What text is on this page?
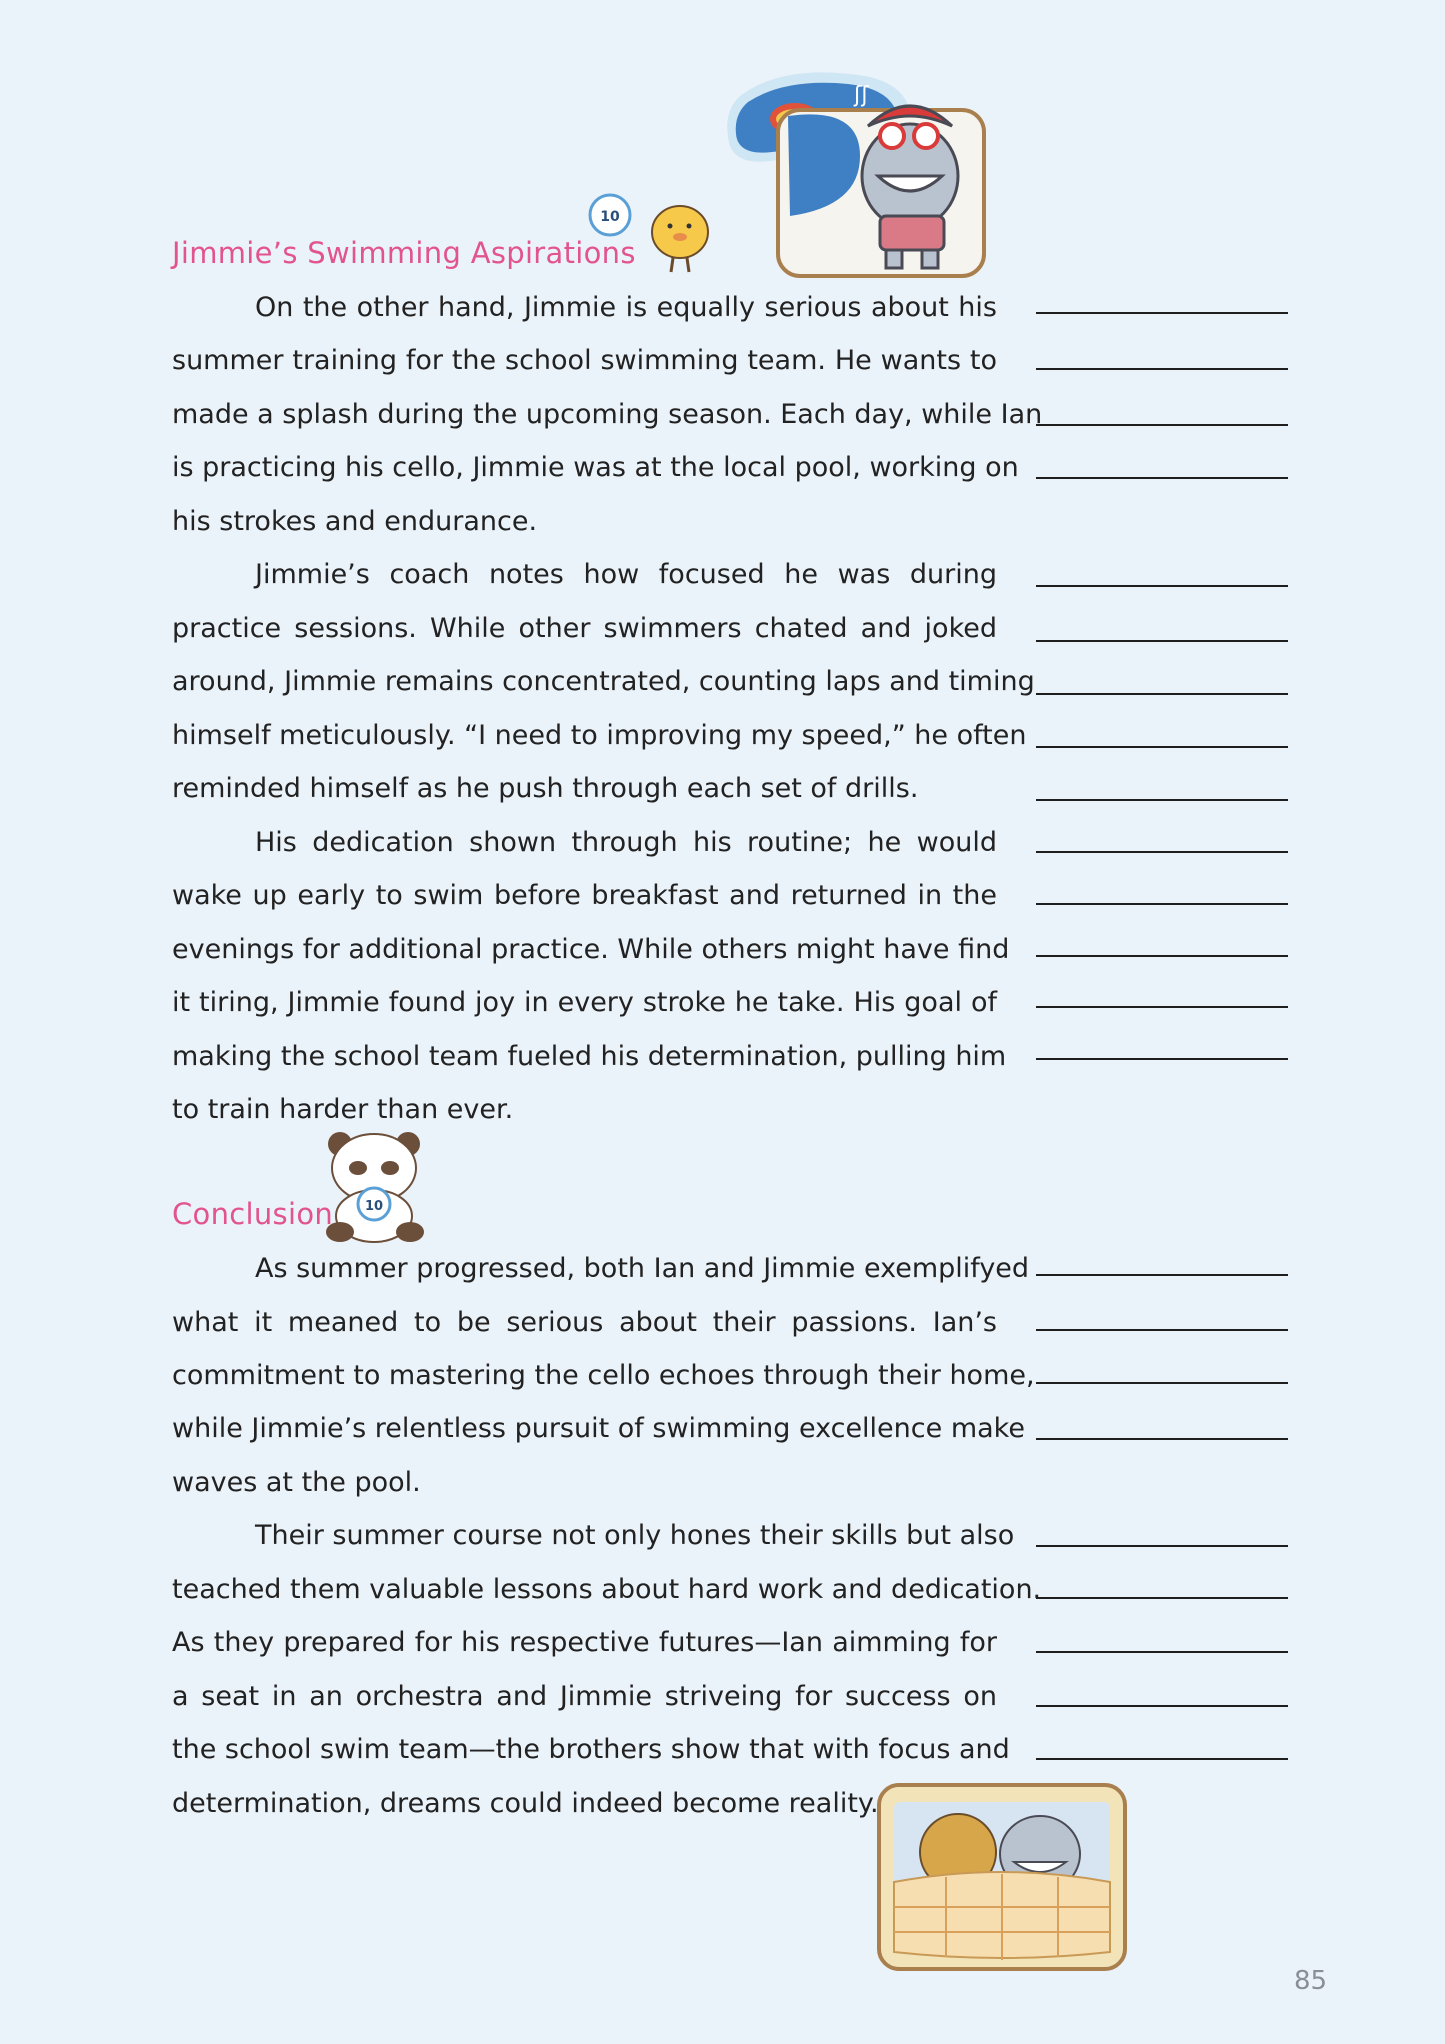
ʃʃ
10
10
Jimmie’s Swimming Aspirations
On the other hand, Jimmie is equally serious about his
summer training for the school swimming team. He wants to
made a splash during the upcoming season. Each day, while Ian
is practicing his cello, Jimmie was at the local pool, working on
his strokes and endurance.
Jimmie’s coach notes how focused he was during
practice sessions. While other swimmers chated and joked
around, Jimmie remains concentrated, counting laps and timing
himself meticulously. “I need to improving my speed,” he often
reminded himself as he push through each set of drills.
His dedication shown through his routine; he would
wake up early to swim before breakfast and returned in the
evenings for additional practice. While others might have find
it tiring, Jimmie found joy in every stroke he take. His goal of
making the school team fueled his determination, pulling him
to train harder than ever.
Conclusion
As summer progressed, both Ian and Jimmie exemplifyed
what it meaned to be serious about their passions. Ian’s
commitment to mastering the cello echoes through their home,
while Jimmie’s relentless pursuit of swimming excellence make
waves at the pool.
Their summer course not only hones their skills but also
teached them valuable lessons about hard work and dedication.
As they prepared for his respective futures—Ian aimming for
a seat in an orchestra and Jimmie striveing for success on
the school swim team—the brothers show that with focus and
determination, dreams could indeed become reality.
85
